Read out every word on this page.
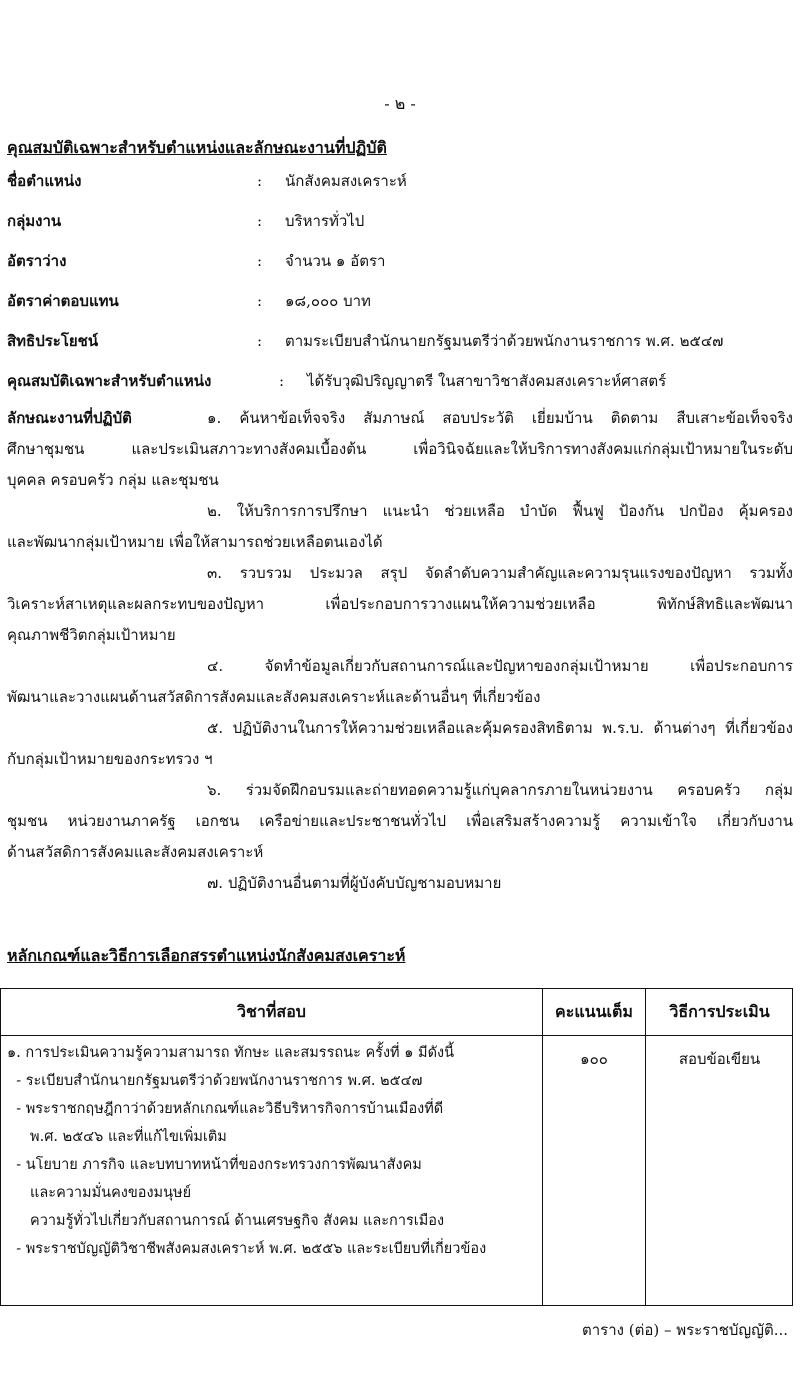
- ๒ -
คุณสมบัติเฉพาะสำหรับตำแหน่งและลักษณะงานที่ปฏิบัติ
ชื่อตำแหน่ง	: นักสังคมสงเคราะห์
กลุ่มงาน	: บริหารทั่วไป
อัตราว่าง	: จำนวน ๑ อัตรา
อัตราค่าตอบแทน	: ๑๘,๐๐๐ บาท
สิทธิประโยชน์	: ตามระเบียบสำนักนายกรัฐมนตรีว่าด้วยพนักงานราชการ พ.ศ. ๒๕๔๗
คุณสมบัติเฉพาะสำหรับตำแหน่ง	: ได้รับวุฒิปริญญาตรี ในสาขาวิชาสังคมสงเคราะห์ศาสตร์
ลักษณะงานที่ปฏิบัติ	๑. ค้นหาข้อเท็จจริง สัมภาษณ์ สอบประวัติ เยี่ยมบ้าน ติดตาม สืบเสาะข้อเท็จจริง
ศึกษาชุมชน และประเมินสภาวะทางสังคมเบื้องต้น เพื่อวินิจฉัยและให้บริการทางสังคมแก่กลุ่มเป้าหมายในระดับ
บุคคล ครอบครัว กลุ่ม และชุมชน
๒. ให้บริการการปรึกษา แนะนำ ช่วยเหลือ บำบัด ฟื้นฟู ป้องกัน ปกป้อง คุ้มครอง
และพัฒนากลุ่มเป้าหมาย เพื่อให้สามารถช่วยเหลือตนเองได้
๓. รวบรวม ประมวล สรุป จัดลำดับความสำคัญและความรุนแรงของปัญหา รวมทั้ง
วิเคราะห์สาเหตุและผลกระทบของปัญหา เพื่อประกอบการวางแผนให้ความช่วยเหลือ พิทักษ์สิทธิและพัฒนา
คุณภาพชีวิตกลุ่มเป้าหมาย
๔. จัดทำข้อมูลเกี่ยวกับสถานการณ์และปัญหาของกลุ่มเป้าหมาย เพื่อประกอบการ
พัฒนาและวางแผนด้านสวัสดิการสังคมและสังคมสงเคราะห์และด้านอื่นๆ ที่เกี่ยวข้อง
๕. ปฏิบัติงานในการให้ความช่วยเหลือและคุ้มครองสิทธิตาม พ.ร.บ. ด้านต่างๆ ที่เกี่ยวข้อง
กับกลุ่มเป้าหมายของกระทรวง ฯ
๖. ร่วมจัดฝึกอบรมและถ่ายทอดความรู้แก่บุคลากรภายในหน่วยงาน ครอบครัว กลุ่ม
ชุมชน หน่วยงานภาครัฐ เอกชน เครือข่ายและประชาชนทั่วไป เพื่อเสริมสร้างความรู้ ความเข้าใจ เกี่ยวกับงาน
ด้านสวัสดิการสังคมและสังคมสงเคราะห์
๗. ปฏิบัติงานอื่นตามที่ผู้บังคับบัญชามอบหมาย
หลักเกณฑ์และวิธีการเลือกสรรตำแหน่งนักสังคมสงเคราะห์
วิชาที่สอบ	คะแนนเต็ม	วิธีการประเมิน
๑. การประเมินความรู้ความสามารถ ทักษะ และสมรรถนะ ครั้งที่ ๑ มีดังนี้
- ระเบียบสำนักนายกรัฐมนตรีว่าด้วยพนักงานราชการ พ.ศ. ๒๕๔๗
- พระราชกฤษฎีกาว่าด้วยหลักเกณฑ์และวิธีบริหารกิจการบ้านเมืองที่ดี
พ.ศ. ๒๕๔๖ และที่แก้ไขเพิ่มเติม
- นโยบาย ภารกิจ และบทบาทหน้าที่ของกระทรวงการพัฒนาสังคม
และความมั่นคงของมนุษย์
ความรู้ทั่วไปเกี่ยวกับสถานการณ์ ด้านเศรษฐกิจ สังคม และการเมือง
- พระราชบัญญัติวิชาชีพสังคมสงเคราะห์ พ.ศ. ๒๕๕๖ และระเบียบที่เกี่ยวข้อง
๑๐๐	สอบข้อเขียน
ตาราง (ต่อ) – พระราชบัญญัติ...
